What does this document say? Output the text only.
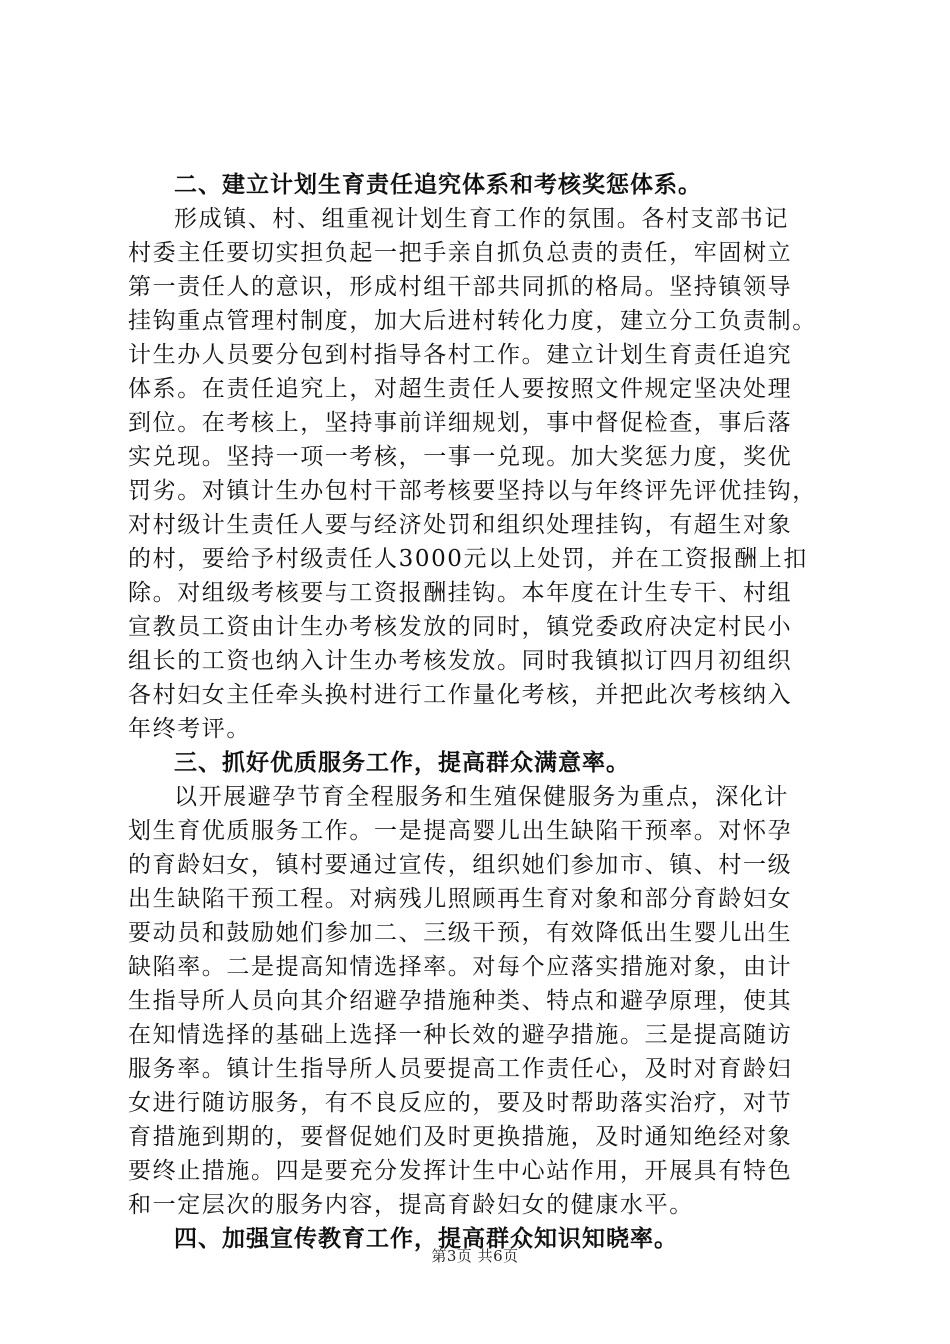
二、建立计划生育责任追究体系和考核奖惩体系。
形成镇、村、组重视计划生育工作的氛围。各村支部书记
村委主任要切实担负起一把手亲自抓负总责的责任，牢固树立
第一责任人的意识，形成村组干部共同抓的格局。坚持镇领导
挂钩重点管理村制度，加大后进村转化力度，建立分工负责制。
计生办人员要分包到村指导各村工作。建立计划生育责任追究
体系。在责任追究上，对超生责任人要按照文件规定坚决处理
到位。在考核上，坚持事前详细规划，事中督促检查，事后落
实兑现。坚持一项一考核，一事一兑现。加大奖惩力度，奖优
罚劣。对镇计生办包村干部考核要坚持以与年终评先评优挂钩，
对村级计生责任人要与经济处罚和组织处理挂钩，有超生对象
的村，要给予村级责任人3000元以上处罚，并在工资报酬上扣
除。对组级考核要与工资报酬挂钩。本年度在计生专干、村组
宣教员工资由计生办考核发放的同时，镇党委政府决定村民小
组长的工资也纳入计生办考核发放。同时我镇拟订四月初组织
各村妇女主任牵头换村进行工作量化考核，并把此次考核纳入
年终考评。
三、抓好优质服务工作，提高群众满意率。
以开展避孕节育全程服务和生殖保健服务为重点，深化计
划生育优质服务工作。一是提高婴儿出生缺陷干预率。对怀孕
的育龄妇女，镇村要通过宣传，组织她们参加市、镇、村一级
出生缺陷干预工程。对病残儿照顾再生育对象和部分育龄妇女
要动员和鼓励她们参加二、三级干预，有效降低出生婴儿出生
缺陷率。二是提高知情选择率。对每个应落实措施对象，由计
生指导所人员向其介绍避孕措施种类、特点和避孕原理，使其
在知情选择的基础上选择一种长效的避孕措施。三是提高随访
服务率。镇计生指导所人员要提高工作责任心，及时对育龄妇
女进行随访服务，有不良反应的，要及时帮助落实治疗，对节
育措施到期的，要督促她们及时更换措施，及时通知绝经对象
要终止措施。四是要充分发挥计生中心站作用，开展具有特色
和一定层次的服务内容，提高育龄妇女的健康水平。
四、加强宣传教育工作，提高群众知识知晓率。
第3页 共6页
